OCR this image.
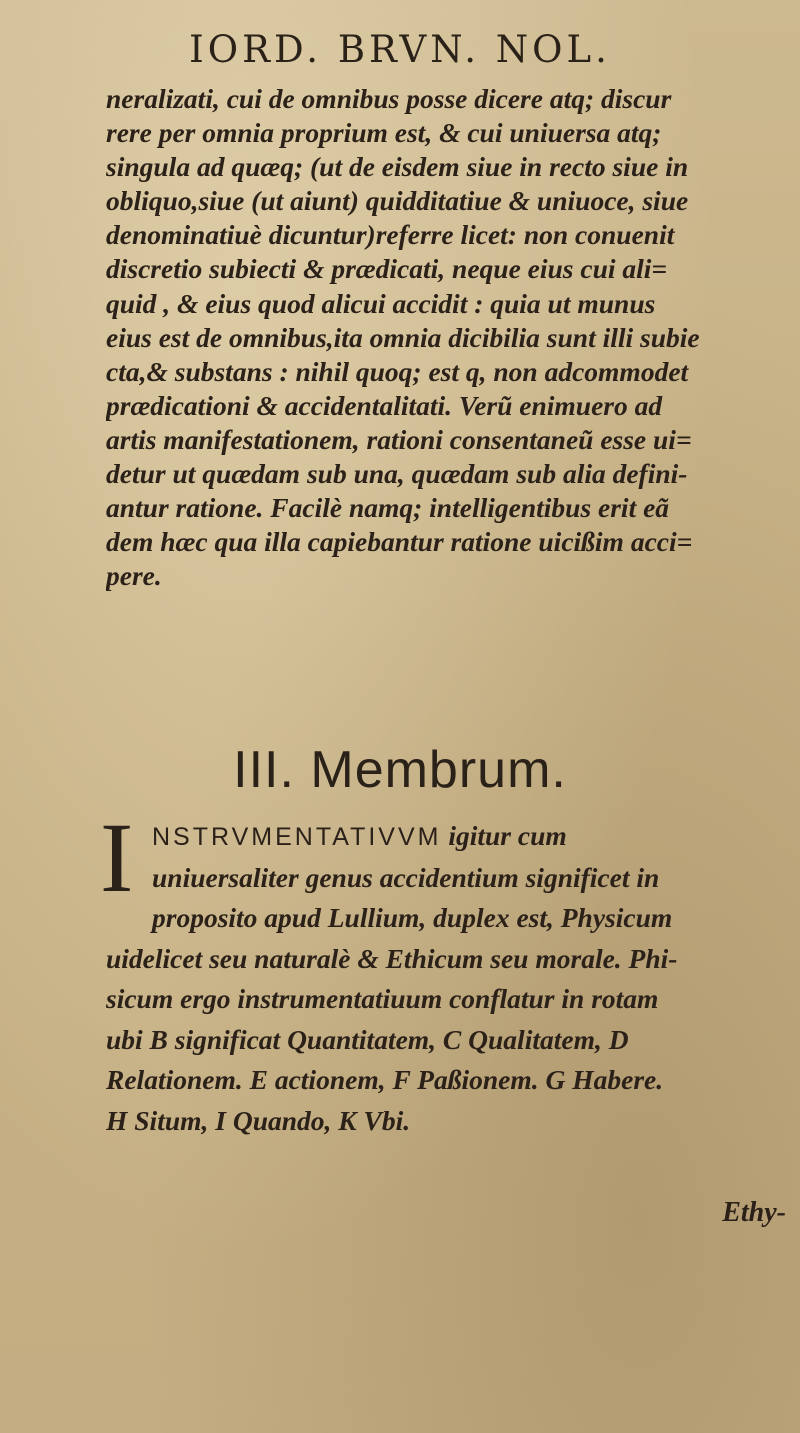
IORD. BRVN. NOL.
neralizati, cui de omnibus posse dicere atq; discur
rere per omnia proprium est, & cui uniuersa atq;
singula ad quæq; (ut de eisdem siue in recto siue in
obliquo,siue (ut aiunt) quidditatiue & uniuoce, siue
denominatiuè dicuntur)referre licet: non conuenit
discretio subiecti & prædicati, neque eius cui ali=
quid , & eius quod alicui accidit : quia ut munus
eius est de omnibus,ita omnia dicibilia sunt illi subie
cta,& substans : nihil quoq; est q, non adcommodet
prædicationi & accidentalitati. Verũ enimuero ad
artis manifestationem, rationi consentaneũ esse ui=
detur ut quædam sub una, quædam sub alia defini-
antur ratione. Facilè namq; intelligentibus erit eã
dem hæc qua illa capiebantur ratione uicißim acci=
pere.
III. Membrum.
I NSTRVMENTATIVVM igitur cum
uniuersaliter genus accidentium significet in
proposito apud Lullium, duplex est, Physicum
uidelicet seu naturalè & Ethicum seu morale. Phi-
sicum ergo instrumentatiuum conflatur in rotam
ubi B significat Quantitatem, C Qualitatem, D
Relationem. E actionem, F Paßionem. G Habere.
H Situm, I Quando, K Vbi.
Ethy-
